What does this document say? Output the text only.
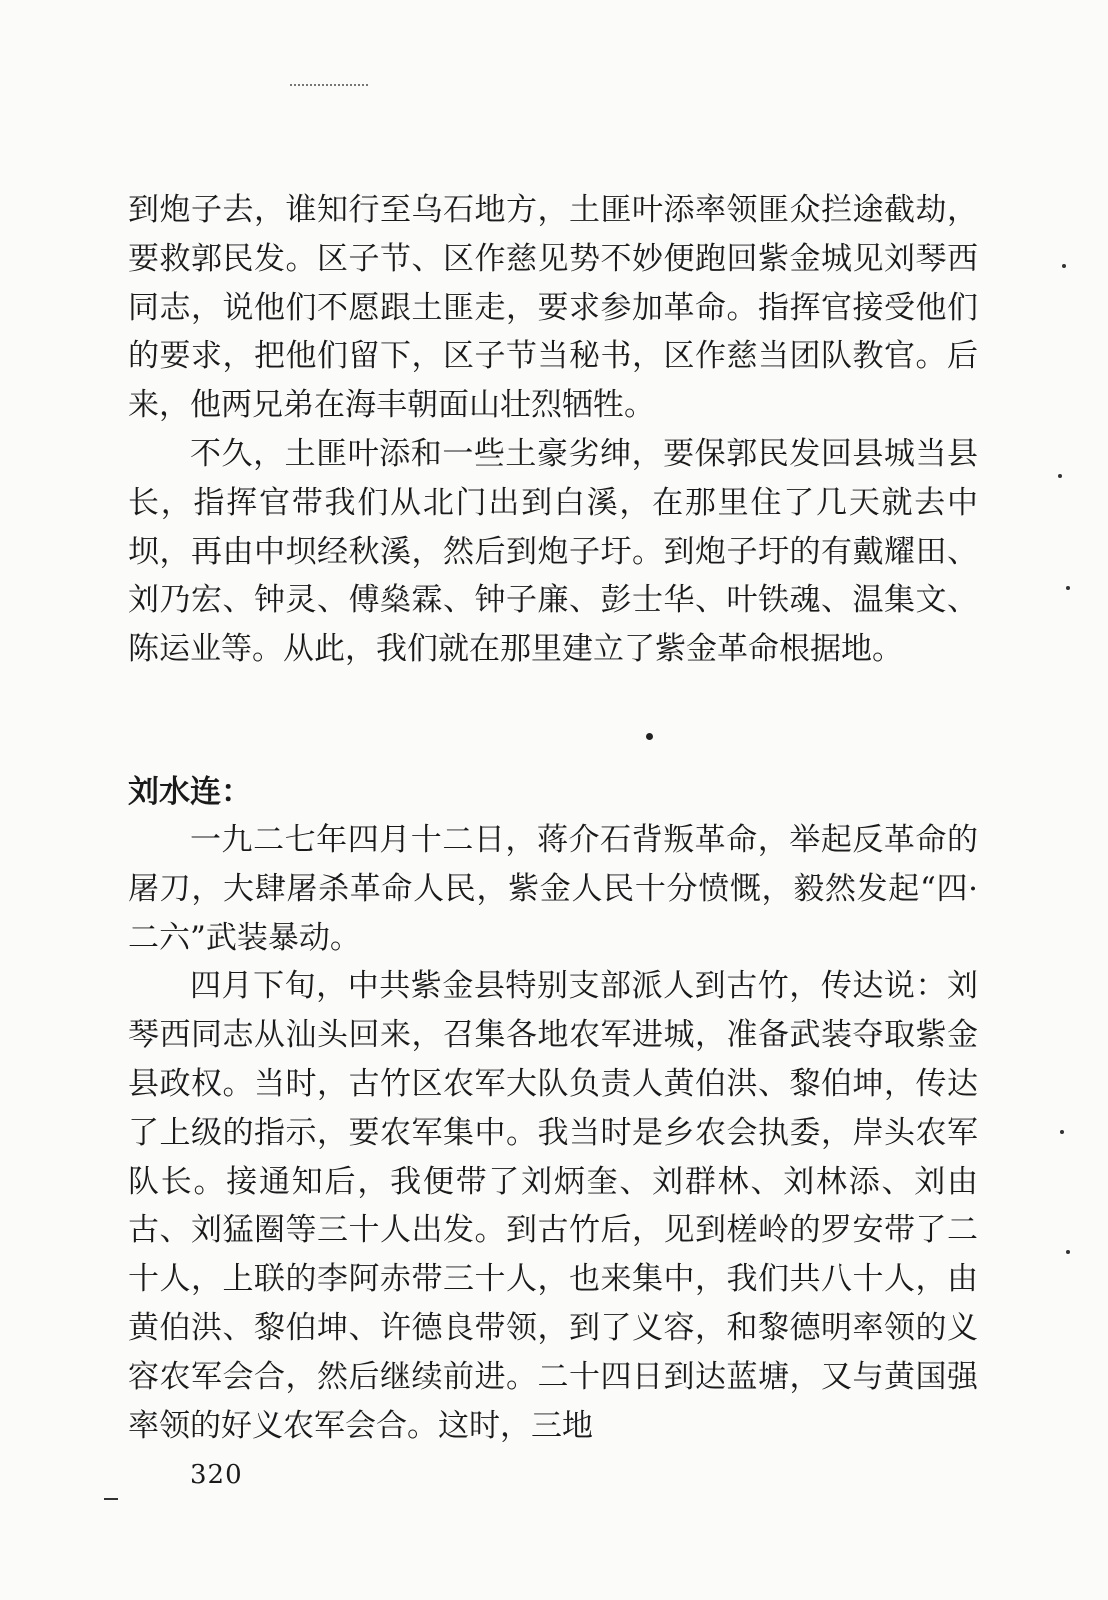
到炮子去，谁知行至乌石地方，土匪叶添率领匪众拦途截劫，要救郭民发。区子节、区作慈见势不妙便跑回紫金城见刘琴西同志，说他们不愿跟土匪走，要求参加革命。指挥官接受他们的要求，把他们留下，区子节当秘书，区作慈当团队教官。后来，他两兄弟在海丰朝面山壮烈牺牲。

不久，土匪叶添和一些土豪劣绅，要保郭民发回县城当县长，指挥官带我们从北门出到白溪，在那里住了几天就去中坝，再由中坝经秋溪，然后到炮子圩。到炮子圩的有戴耀田、刘乃宏、钟灵、傅燊霖、钟子廉、彭士华、叶铁魂、温集文、陈运业等。从此，我们就在那里建立了紫金革命根据地。

刘水连：

一九二七年四月十二日，蒋介石背叛革命，举起反革命的屠刀，大肆屠杀革命人民，紫金人民十分愤慨，毅然发起“四·二六”武装暴动。

四月下旬，中共紫金县特别支部派人到古竹，传达说：刘琴西同志从汕头回来，召集各地农军进城，准备武装夺取紫金县政权。当时，古竹区农军大队负责人黄伯洪、黎伯坤，传达了上级的指示，要农军集中。我当时是乡农会执委，岸头农军队长。接通知后，我便带了刘炳奎、刘群林、刘林添、刘由古、刘猛圈等三十人出发。到古竹后，见到槎岭的罗安带了二十人，上联的李阿赤带三十人，也来集中，我们共八十人，由黄伯洪、黎伯坤、许德良带领，到了义容，和黎德明率领的义容农军会合，然后继续前进。二十四日到达蓝塘，又与黄国强率领的好义农军会合。这时，三地

320
